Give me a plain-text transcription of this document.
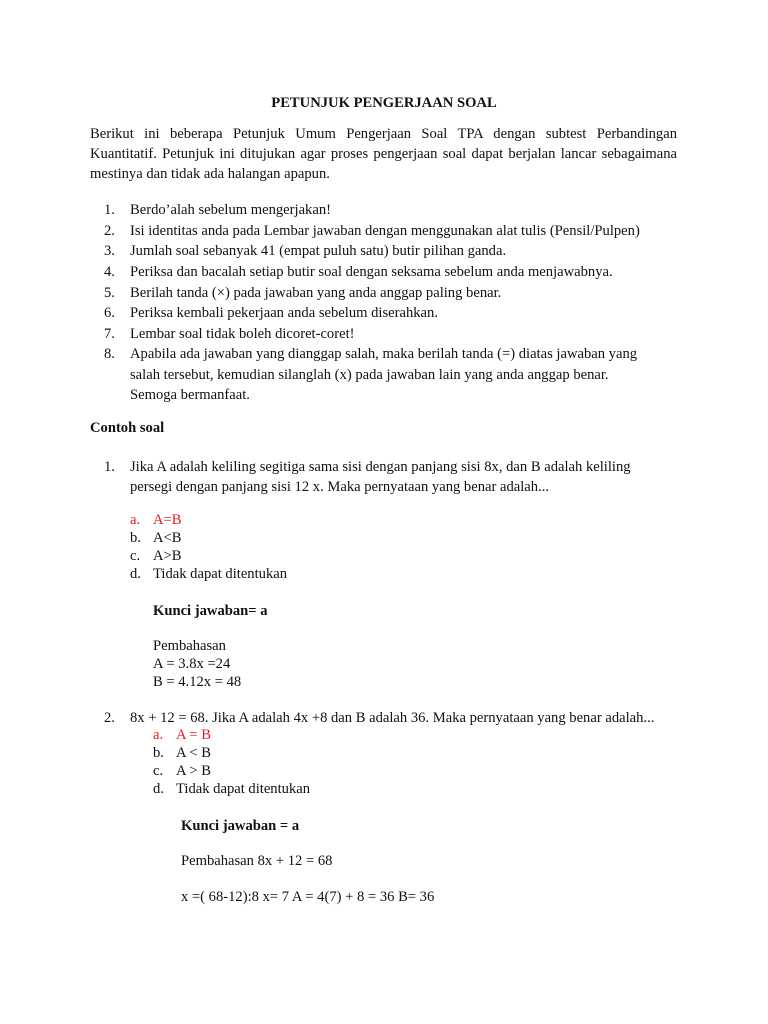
PETUNJUK PENGERJAAN SOAL
Berikut ini beberapa Petunjuk Umum Pengerjaan Soal TPA dengan subtest Perbandingan
Kuantitatif. Petunjuk ini ditujukan agar proses pengerjaan soal dapat berjalan lancar sebagaimana
mestinya dan tidak ada halangan apapun.
1. Berdo’alah sebelum mengerjakan!
2. Isi identitas anda pada Lembar jawaban dengan menggunakan alat tulis (Pensil/Pulpen)
3. Jumlah soal sebanyak 41 (empat puluh satu) butir pilihan ganda.
4. Periksa dan bacalah setiap butir soal dengan seksama sebelum anda menjawabnya.
5. Berilah tanda (×) pada jawaban yang anda anggap paling benar.
6. Periksa kembali pekerjaan anda sebelum diserahkan.
7. Lembar soal tidak boleh dicoret-coret!
8. Apabila ada jawaban yang dianggap salah, maka berilah tanda (=) diatas jawaban yang
salah tersebut, kemudian silanglah (x) pada jawaban lain yang anda anggap benar.
Semoga bermanfaat.
Contoh soal
1. Jika A adalah keliling segitiga sama sisi dengan panjang sisi 8x, dan B adalah keliling
persegi dengan panjang sisi 12 x. Maka pernyataan yang benar adalah...
a. A=B
b. A<B
c. A>B
d. Tidak dapat ditentukan
Kunci jawaban= a
Pembahasan
A = 3.8x =24
B = 4.12x = 48
2. 8x + 12 = 68. Jika A adalah 4x +8 dan B adalah 36. Maka pernyataan yang benar adalah...
a. A = B
b. A < B
c. A > B
d. Tidak dapat ditentukan
Kunci jawaban = a
Pembahasan 8x + 12 = 68
x =( 68-12):8 x= 7 A = 4(7) + 8 = 36 B= 36
